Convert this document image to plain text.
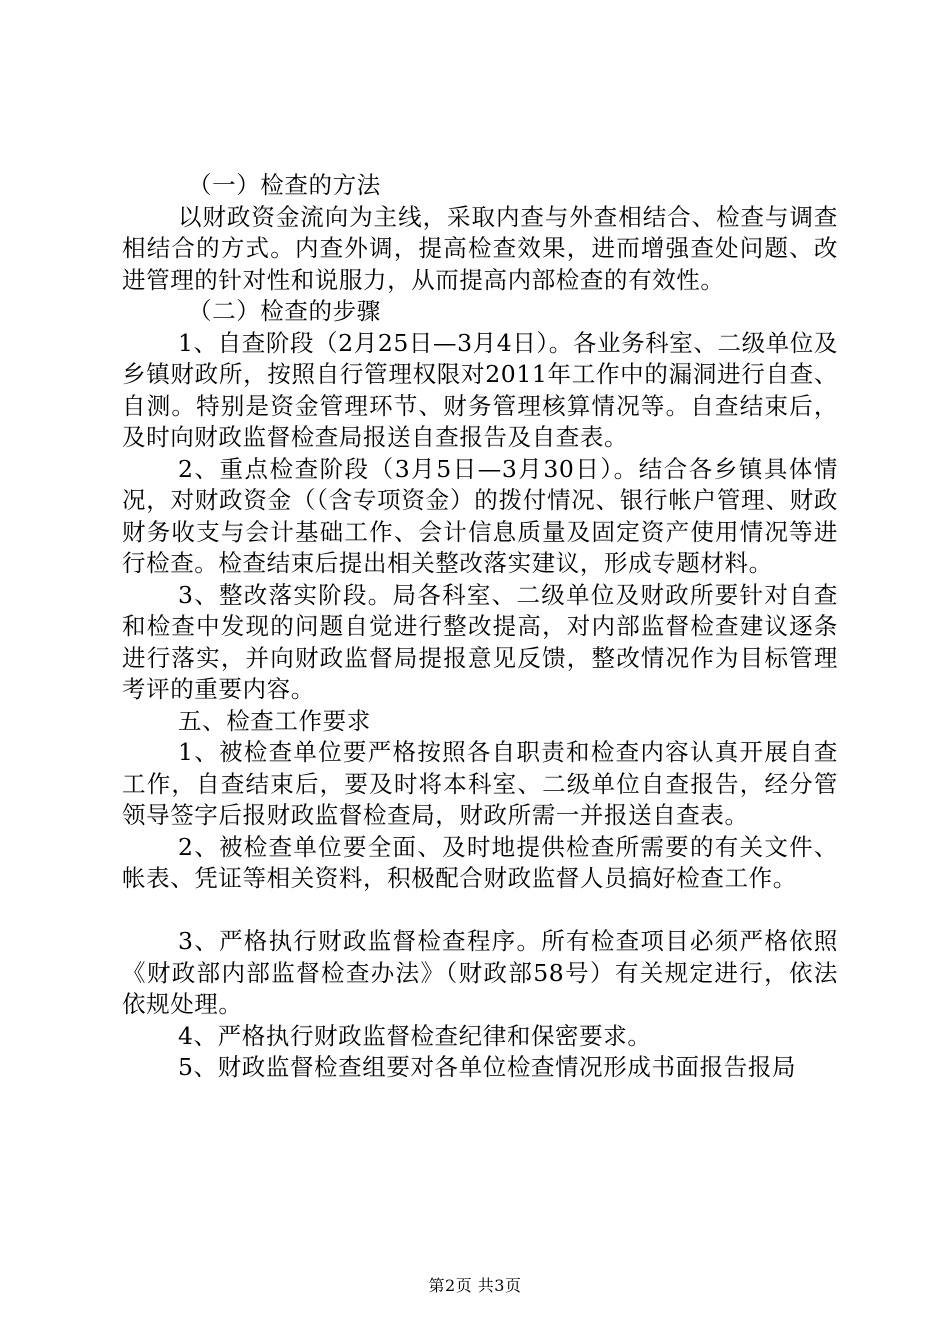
（一）检查的方法

以财政资金流向为主线，采取内查与外查相结合、检查与调查相结合的方式。内查外调，提高检查效果，进而增强查处问题、改进管理的针对性和说服力，从而提高内部检查的有效性。

（二）检查的步骤

1、自查阶段（2月25日—3月4日）。各业务科室、二级单位及乡镇财政所，按照自行管理权限对2011年工作中的漏洞进行自查、自测。特别是资金管理环节、财务管理核算情况等。自查结束后，及时向财政监督检查局报送自查报告及自查表。

2、重点检查阶段（3月5日—3月30日）。结合各乡镇具体情况，对财政资金（（含专项资金）的拨付情况、银行帐户管理、财政财务收支与会计基础工作、会计信息质量及固定资产使用情况等进行检查。检查结束后提出相关整改落实建议，形成专题材料。

3、整改落实阶段。局各科室、二级单位及财政所要针对自查和检查中发现的问题自觉进行整改提高，对内部监督检查建议逐条进行落实，并向财政监督局提报意见反馈，整改情况作为目标管理考评的重要内容。

五、检查工作要求

1、被检查单位要严格按照各自职责和检查内容认真开展自查工作，自查结束后，要及时将本科室、二级单位自查报告，经分管领导签字后报财政监督检查局，财政所需一并报送自查表。

2、被检查单位要全面、及时地提供检查所需要的有关文件、帐表、凭证等相关资料，积极配合财政监督人员搞好检查工作。

3、严格执行财政监督检查程序。所有检查项目必须严格依照《财政部内部监督检查办法》（财政部58号）有关规定进行，依法依规处理。

4、严格执行财政监督检查纪律和保密要求。

5、财政监督检查组要对各单位检查情况形成书面报告报局

第2页 共3页
